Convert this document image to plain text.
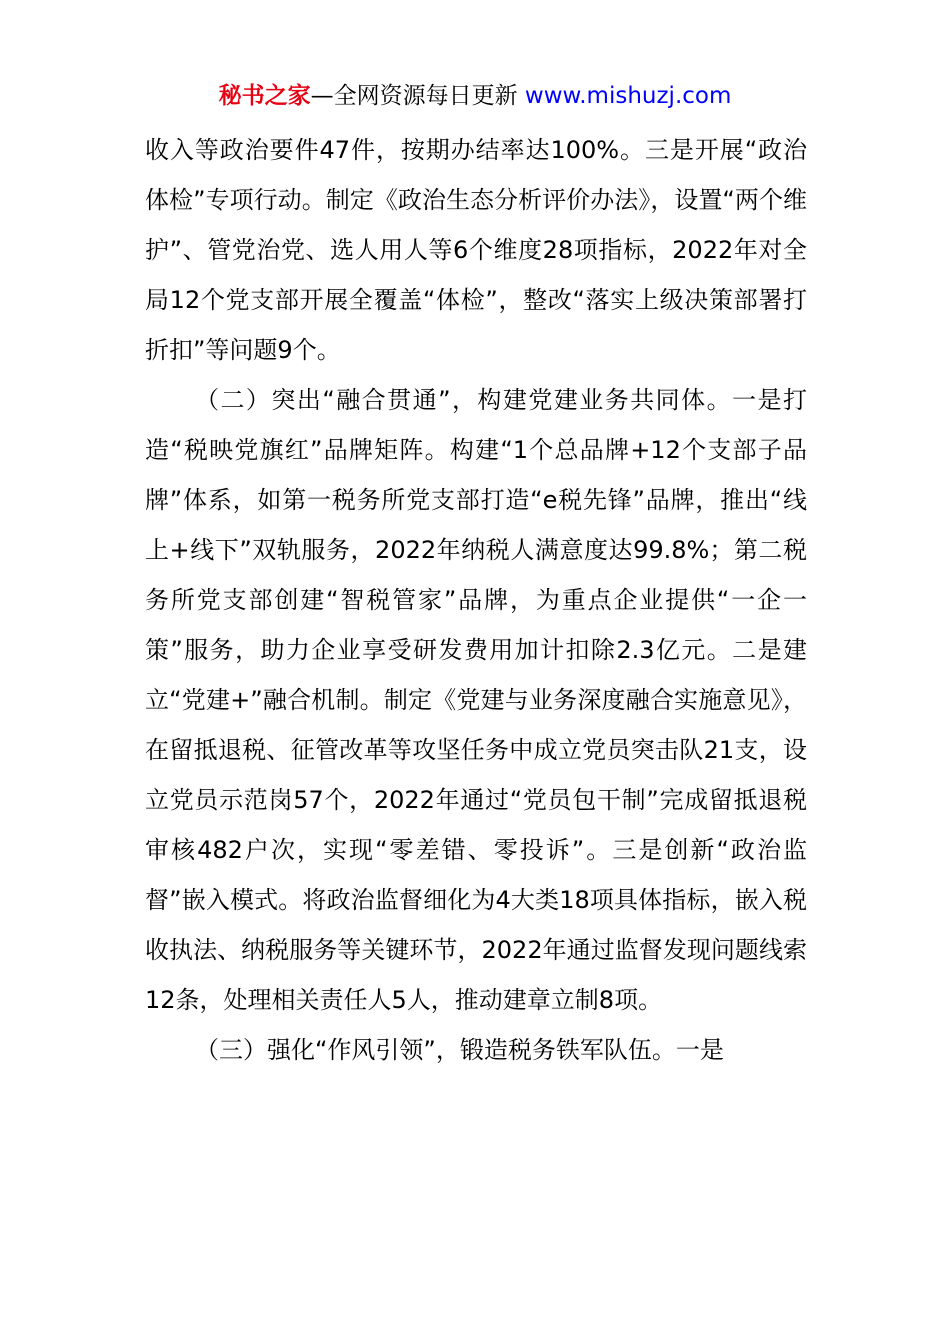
秘书之家—全网资源每日更新 www.mishuzj.com

收入等政治要件47件，按期办结率达100%。三是开展“政治体检”专项行动。制定《政治生态分析评价办法》，设置“两个维护”、管党治党、选人用人等6个维度28项指标，2022年对全局12个党支部开展全覆盖“体检”，整改“落实上级决策部署打折扣”等问题9个。

（二）突出“融合贯通”，构建党建业务共同体。一是打造“税映党旗红”品牌矩阵。构建“1个总品牌+12个支部子品牌”体系，如第一税务所党支部打造“e税先锋”品牌，推出“线上+线下”双轨服务，2022年纳税人满意度达99.8%；第二税务所党支部创建“智税管家”品牌，为重点企业提供“一企一策”服务，助力企业享受研发费用加计扣除2.3亿元。二是建立“党建+”融合机制。制定《党建与业务深度融合实施意见》，在留抵退税、征管改革等攻坚任务中成立党员突击队21支，设立党员示范岗57个，2022年通过“党员包干制”完成留抵退税审核482户次，实现“零差错、零投诉”。三是创新“政治监督”嵌入模式。将政治监督细化为4大类18项具体指标，嵌入税收执法、纳税服务等关键环节，2022年通过监督发现问题线索12条，处理相关责任人5人，推动建章立制8项。

（三）强化“作风引领”，锻造税务铁军队伍。一是
